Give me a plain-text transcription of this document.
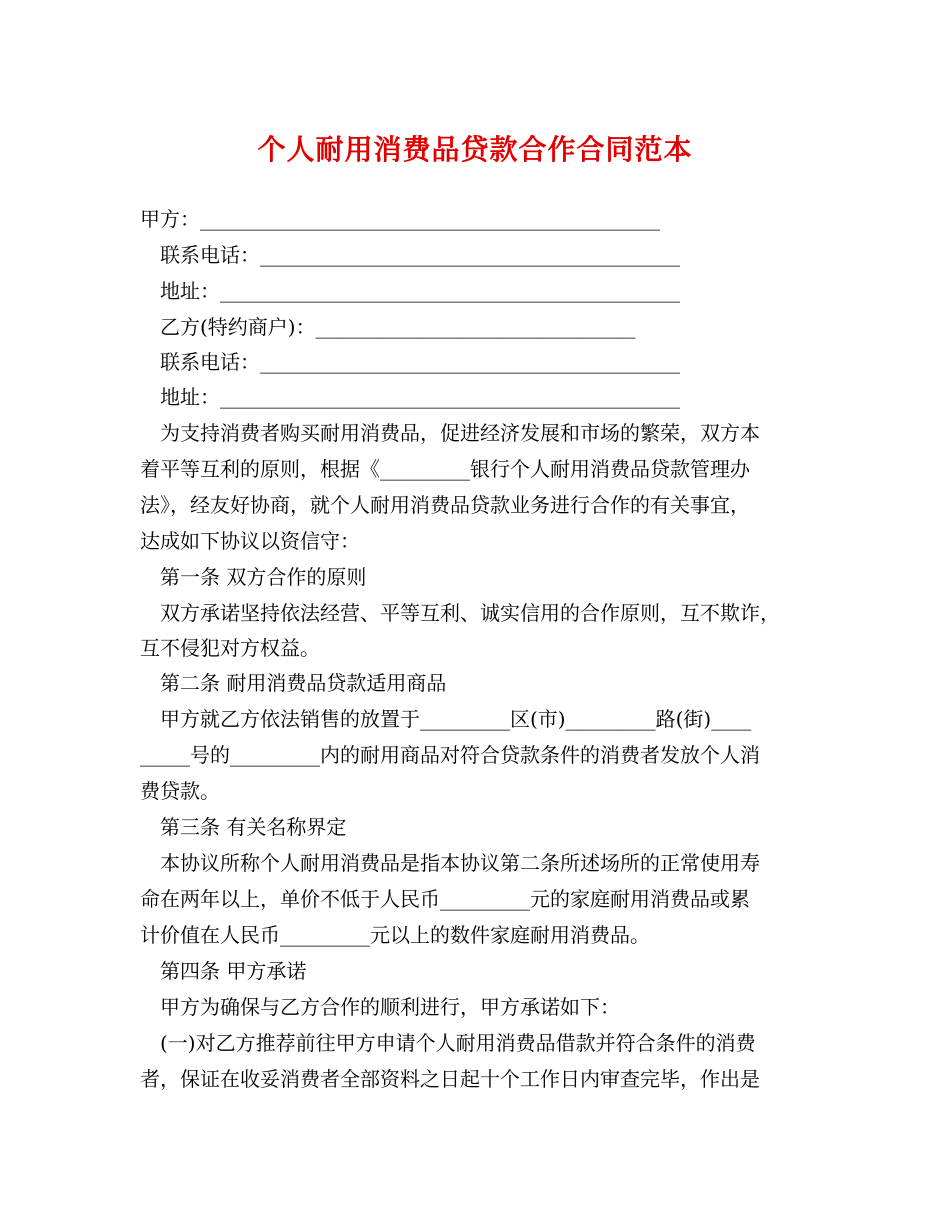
个人耐用消费品贷款合作合同范本
甲方：______________________________________________
联系电话：__________________________________________
地址：______________________________________________
乙方(特约商户)：________________________________
联系电话：__________________________________________
地址：______________________________________________
为支持消费者购买耐用消费品，促进经济发展和市场的繁荣，双方本
着平等互利的原则，根据《_________银行个人耐用消费品贷款管理办
法》，经友好协商，就个人耐用消费品贷款业务进行合作的有关事宜，
达成如下协议以资信守：
第一条 双方合作的原则
双方承诺坚持依法经营、平等互利、诚实信用的合作原则，互不欺诈，
互不侵犯对方权益。
第二条 耐用消费品贷款适用商品
甲方就乙方依法销售的放置于_________区(市)_________路(街)____
_____号的_________内的耐用商品对符合贷款条件的消费者发放个人消
费贷款。
第三条 有关名称界定
本协议所称个人耐用消费品是指本协议第二条所述场所的正常使用寿
命在两年以上，单价不低于人民币_________元的家庭耐用消费品或累
计价值在人民币_________元以上的数件家庭耐用消费品。
第四条 甲方承诺
甲方为确保与乙方合作的顺利进行，甲方承诺如下：
(一)对乙方推荐前往甲方申请个人耐用消费品借款并符合条件的消费
者，保证在收妥消费者全部资料之日起十个工作日内审查完毕，作出是
